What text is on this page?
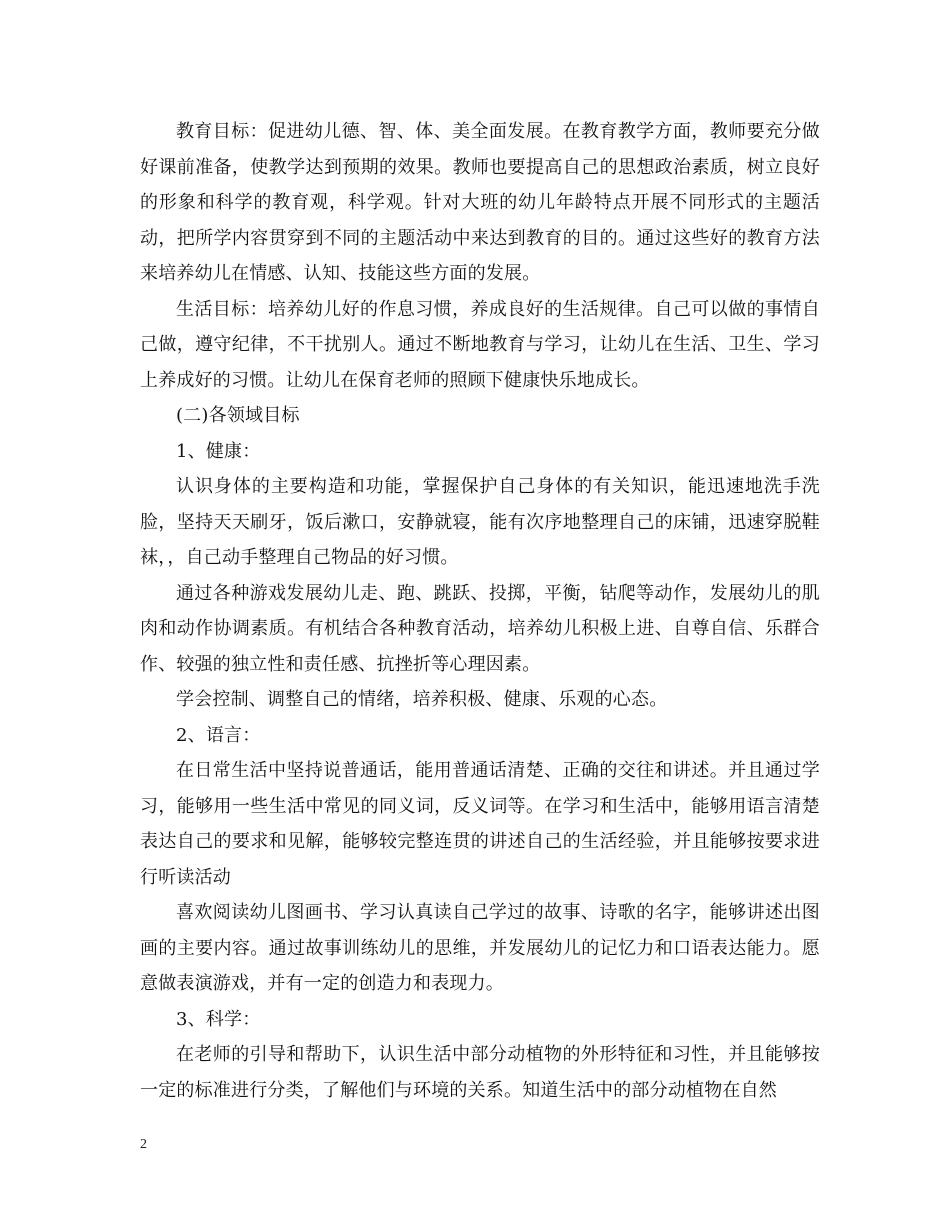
教育目标：促进幼儿德、智、体、美全面发展。在教育教学方面，教师要充分做好课前准备，使教学达到预期的效果。教师也要提高自己的思想政治素质，树立良好的形象和科学的教育观，科学观。针对大班的幼儿年龄特点开展不同形式的主题活动，把所学内容贯穿到不同的主题活动中来达到教育的目的。通过这些好的教育方法来培养幼儿在情感、认知、技能这些方面的发展。

生活目标：培养幼儿好的作息习惯，养成良好的生活规律。自己可以做的事情自己做，遵守纪律，不干扰别人。通过不断地教育与学习，让幼儿在生活、卫生、学习上养成好的习惯。让幼儿在保育老师的照顾下健康快乐地成长。

(二)各领域目标

1、健康：

认识身体的主要构造和功能，掌握保护自己身体的有关知识，能迅速地洗手洗脸，坚持天天刷牙，饭后漱口，安静就寝，能有次序地整理自己的床铺，迅速穿脱鞋袜，，自己动手整理自己物品的好习惯。

通过各种游戏发展幼儿走、跑、跳跃、投掷，平衡，钻爬等动作，发展幼儿的肌肉和动作协调素质。有机结合各种教育活动，培养幼儿积极上进、自尊自信、乐群合作、较强的独立性和责任感、抗挫折等心理因素。

学会控制、调整自己的情绪，培养积极、健康、乐观的心态。

2、语言：

在日常生活中坚持说普通话，能用普通话清楚、正确的交往和讲述。并且通过学习，能够用一些生活中常见的同义词，反义词等。在学习和生活中，能够用语言清楚表达自己的要求和见解，能够较完整连贯的讲述自己的生活经验，并且能够按要求进行听读活动

喜欢阅读幼儿图画书、学习认真读自己学过的故事、诗歌的名字，能够讲述出图画的主要内容。通过故事训练幼儿的思维，并发展幼儿的记忆力和口语表达能力。愿意做表演游戏，并有一定的创造力和表现力。

3、科学：

在老师的引导和帮助下，认识生活中部分动植物的外形特征和习性，并且能够按一定的标准进行分类，了解他们与环境的关系。知道生活中的部分动植物在自然

2
